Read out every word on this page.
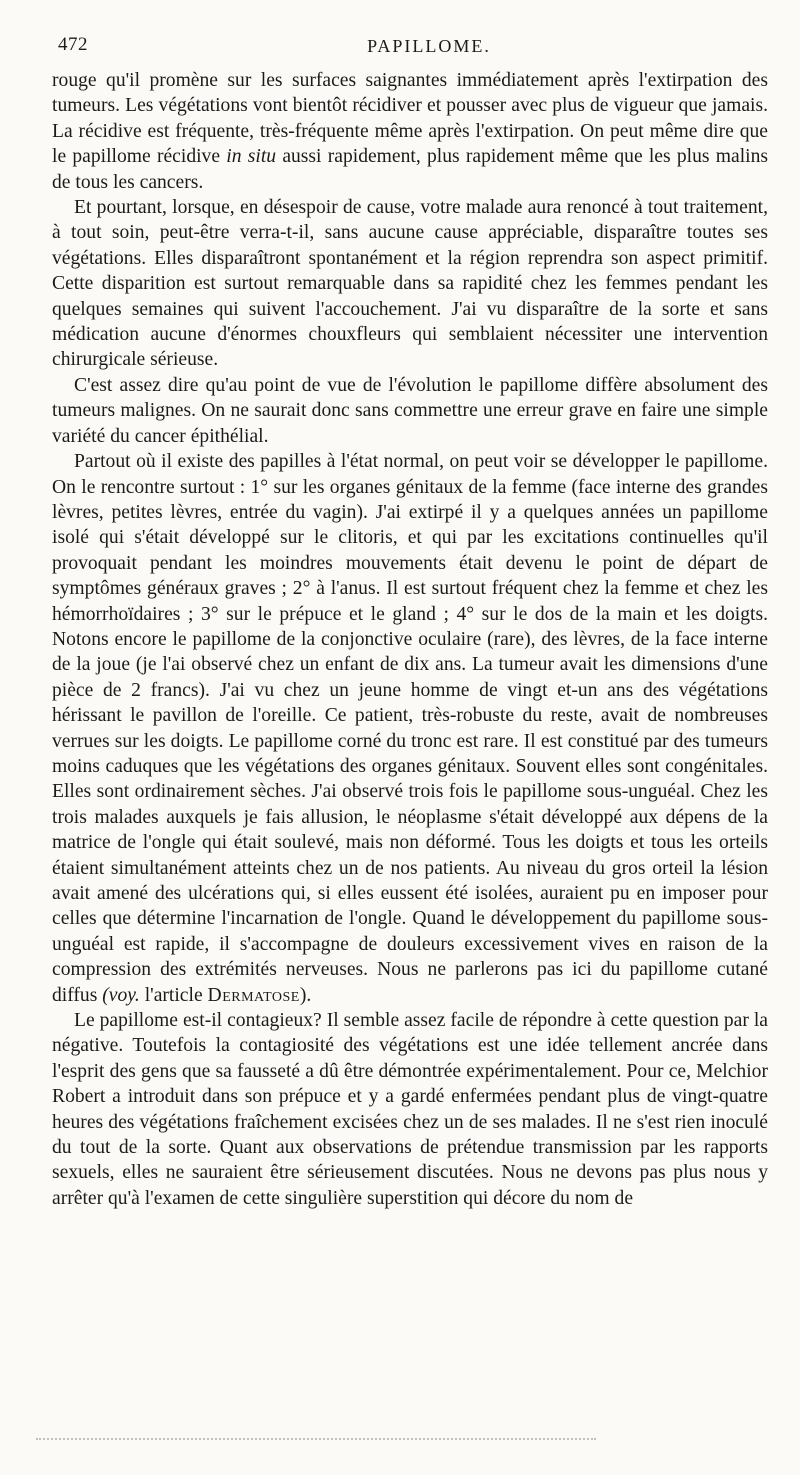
472	PAPILLOME.

rouge qu'il promène sur les surfaces saignantes immédiatement après l'extirpation des tumeurs. Les végétations vont bientôt récidiver et pousser avec plus de vigueur que jamais. La récidive est fréquente, très-fréquente même après l'extirpation. On peut même dire que le papillome récidive in situ aussi rapidement, plus rapidement même que les plus malins de tous les cancers.

Et pourtant, lorsque, en désespoir de cause, votre malade aura renoncé à tout traitement, à tout soin, peut-être verra-t-il, sans aucune cause appréciable, disparaître toutes ses végétations. Elles disparaîtront spontanément et la région reprendra son aspect primitif. Cette disparition est surtout remarquable dans sa rapidité chez les femmes pendant les quelques semaines qui suivent l'accouchement. J'ai vu disparaître de la sorte et sans médication aucune d'énormes chouxfleurs qui semblaient nécessiter une intervention chirurgicale sérieuse.

C'est assez dire qu'au point de vue de l'évolution le papillome diffère absolument des tumeurs malignes. On ne saurait donc sans commettre une erreur grave en faire une simple variété du cancer épithélial.

Partout où il existe des papilles à l'état normal, on peut voir se développer le papillome. On le rencontre surtout : 1° sur les organes génitaux de la femme (face interne des grandes lèvres, petites lèvres, entrée du vagin). J'ai extirpé il y a quelques années un papillome isolé qui s'était développé sur le clitoris, et qui par les excitations continuelles qu'il provoquait pendant les moindres mouvements était devenu le point de départ de symptômes généraux graves ; 2° à l'anus. Il est surtout fréquent chez la femme et chez les hémorrhoïdaires ; 3° sur le prépuce et le gland ; 4° sur le dos de la main et les doigts. Notons encore le papillome de la conjonctive oculaire (rare), des lèvres, de la face interne de la joue (je l'ai observé chez un enfant de dix ans. La tumeur avait les dimensions d'une pièce de 2 francs). J'ai vu chez un jeune homme de vingt et-un ans des végétations hérissant le pavillon de l'oreille. Ce patient, très-robuste du reste, avait de nombreuses verrues sur les doigts. Le papillome corné du tronc est rare. Il est constitué par des tumeurs moins caduques que les végétations des organes génitaux. Souvent elles sont congénitales. Elles sont ordinairement sèches. J'ai observé trois fois le papillome sous-unguéal. Chez les trois malades auxquels je fais allusion, le néoplasme s'était développé aux dépens de la matrice de l'ongle qui était soulevé, mais non déformé. Tous les doigts et tous les orteils étaient simultanément atteints chez un de nos patients. Au niveau du gros orteil la lésion avait amené des ulcérations qui, si elles eussent été isolées, auraient pu en imposer pour celles que détermine l'incarnation de l'ongle. Quand le développement du papillome sous-unguéal est rapide, il s'accompagne de douleurs excessivement vives en raison de la compression des extrémités nerveuses. Nous ne parlerons pas ici du papillome cutané diffus (voy. l'article Dermatose).

Le papillome est-il contagieux? Il semble assez facile de répondre à cette question par la négative. Toutefois la contagiosité des végétations est une idée tellement ancrée dans l'esprit des gens que sa fausseté a dû être démontrée expérimentalement. Pour ce, Melchior Robert a introduit dans son prépuce et y a gardé enfermées pendant plus de vingt-quatre heures des végétations fraîchement excisées chez un de ses malades. Il ne s'est rien inoculé du tout de la sorte. Quant aux observations de prétendue transmission par les rapports sexuels, elles ne sauraient être sérieusement discutées. Nous ne devons pas plus nous y arrêter qu'à l'examen de cette singulière superstition qui décore du nom de
